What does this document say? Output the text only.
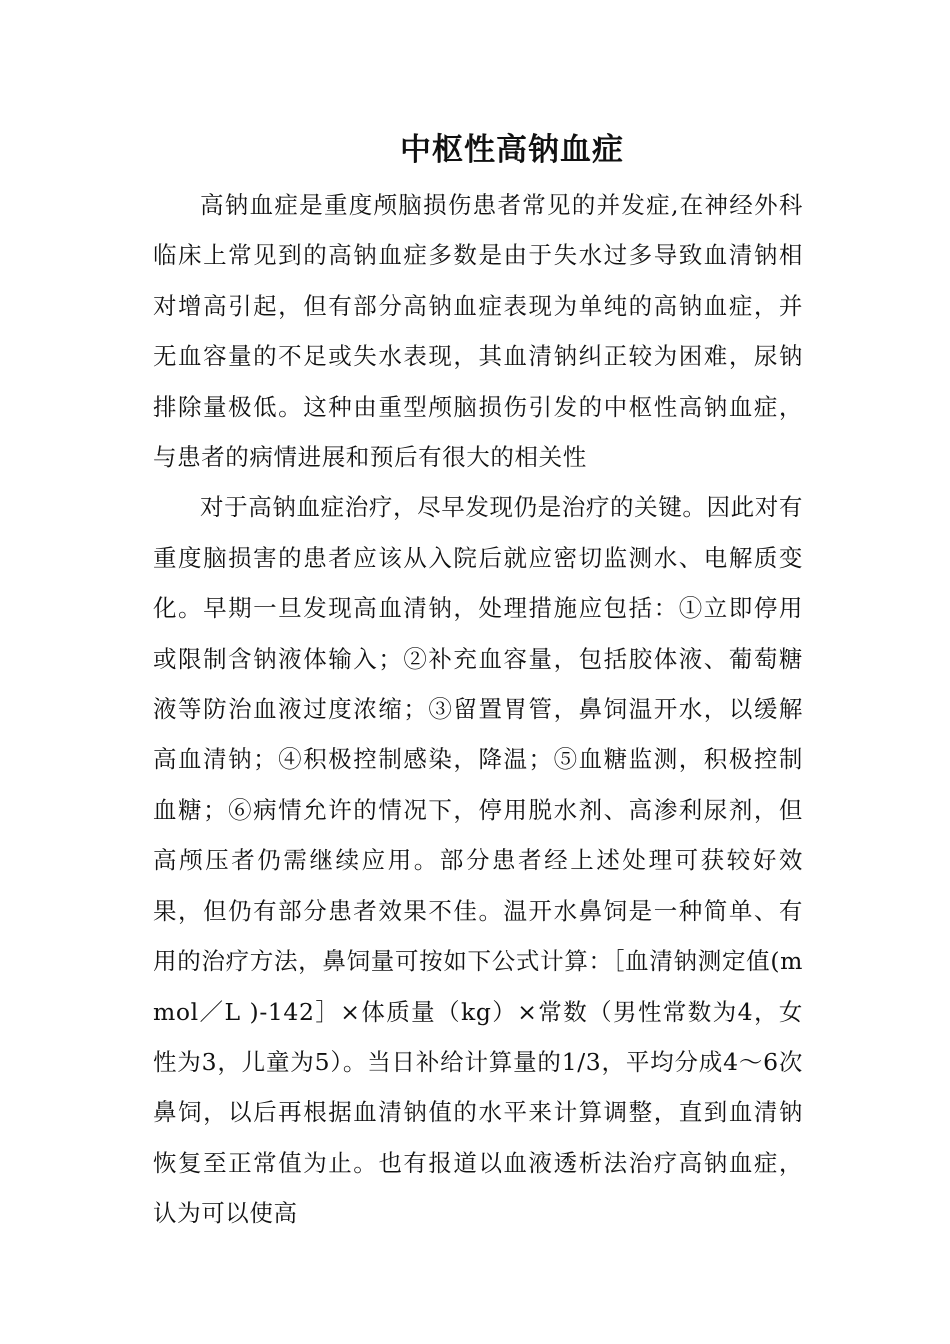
中枢性高钠血症

高钠血症是重度颅脑损伤患者常见的并发症,在神经外科临床上常见到的高钠血症多数是由于失水过多导致血清钠相对增高引起，但有部分高钠血症表现为单纯的高钠血症，并无血容量的不足或失水表现，其血清钠纠正较为困难，尿钠排除量极低。这种由重型颅脑损伤引发的中枢性高钠血症，与患者的病情进展和预后有很大的相关性

对于高钠血症治疗，尽早发现仍是治疗的关键。因此对有重度脑损害的患者应该从入院后就应密切监测水、电解质变化。早期一旦发现高血清钠，处理措施应包括：①立即停用或限制含钠液体输入；②补充血容量，包括胶体液、葡萄糖液等防治血液过度浓缩；③留置胃管，鼻饲温开水，以缓解高血清钠；④积极控制感染，降温；⑤血糖监测，积极控制血糖；⑥病情允许的情况下，停用脱水剂、高渗利尿剂，但高颅压者仍需继续应用。部分患者经上述处理可获较好效果，但仍有部分患者效果不佳。温开水鼻饲是一种简单、有用的治疗方法，鼻饲量可按如下公式计算：［血清钠测定值(mmol／L )-142］×体质量（kg）×常数（男性常数为4，女性为3，儿童为5）。当日补给计算量的1/3，平均分成4～6次鼻饲，以后再根据血清钠值的水平来计算调整，直到血清钠恢复至正常值为止。也有报道以血液透析法治疗高钠血症，认为可以使高
